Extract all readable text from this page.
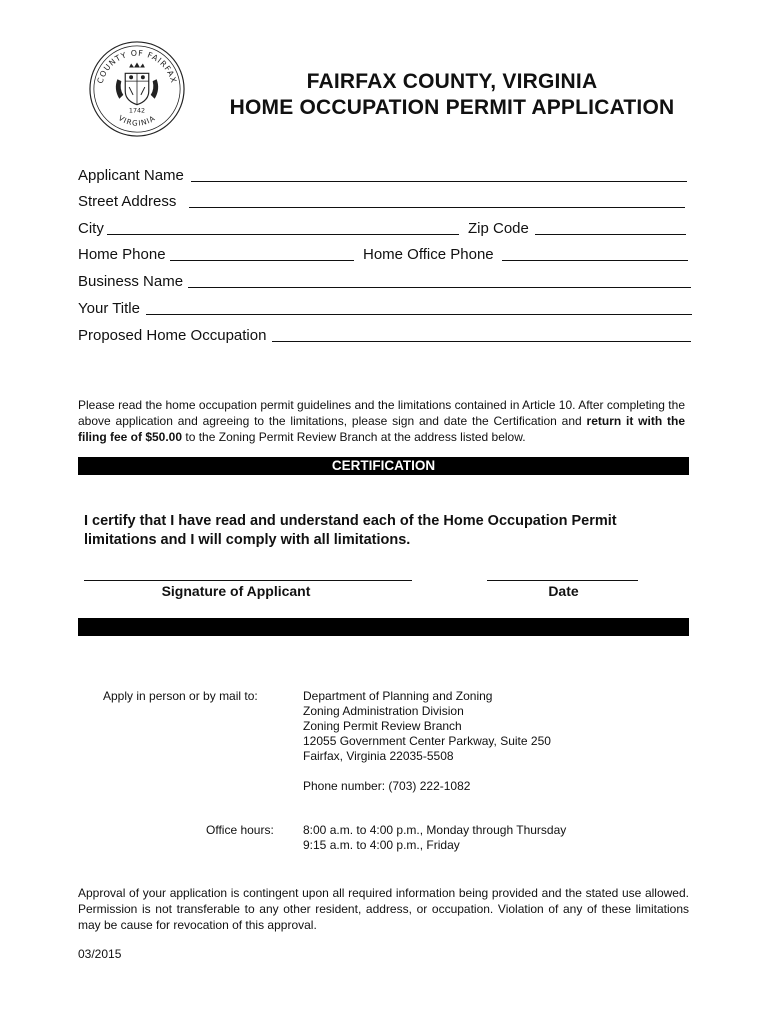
COUNTY OF FAIRFAX
VIRGINIA
1742
FAIRFAX COUNTY, VIRGINIA
HOME OCCUPATION PERMIT APPLICATION
Applicant Name
Street Address
City	Zip Code
Home Phone	Home Office Phone
Business Name
Your Title
Proposed Home Occupation
Please read the home occupation permit guidelines and the limitations contained in Article 10. After completing the above application and agreeing to the limitations, please sign and date the Certification and return it with the filing fee of $50.00 to the Zoning Permit Review Branch at the address listed below.
CERTIFICATION
I certify that I have read and understand each of the Home Occupation Permit limitations and I will comply with all limitations.
Signature of Applicant	Date
Apply in person or by mail to:	Department of Planning and Zoning
Zoning Administration Division
Zoning Permit Review Branch
12055 Government Center Parkway, Suite 250
Fairfax, Virginia 22035-5508
Phone number: (703) 222-1082
Office hours: 8:00 a.m. to 4:00 p.m., Monday through Thursday
9:15 a.m. to 4:00 p.m., Friday
Approval of your application is contingent upon all required information being provided and the stated use allowed. Permission is not transferable to any other resident, address, or occupation. Violation of any of these limitations may be cause for revocation of this approval.
03/2015
